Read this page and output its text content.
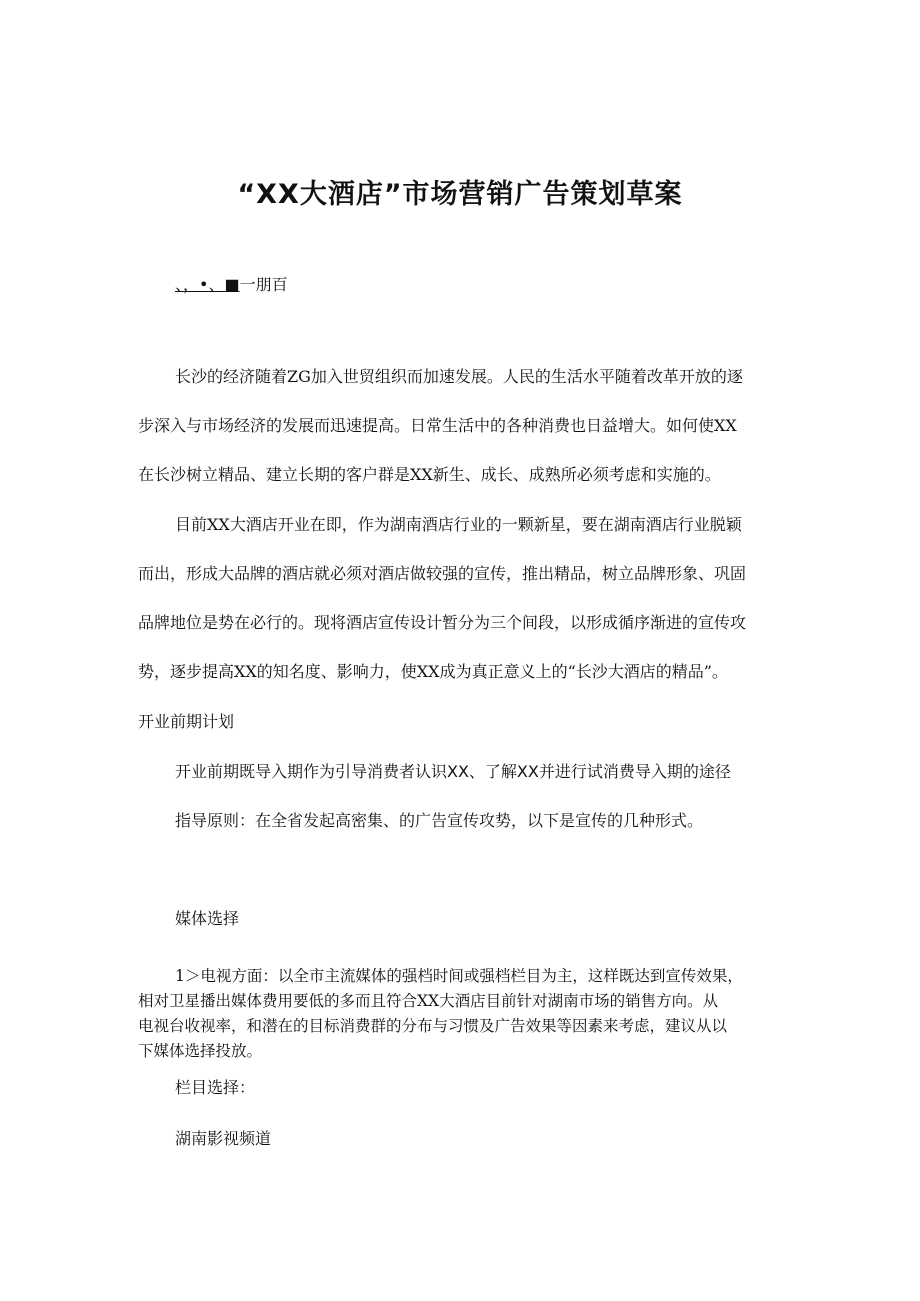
“XX大酒店”市场营销广告策划草案
、，•、■一朋百

长沙的经济随着ZG加入世贸组织而加速发展。人民的生活水平随着改革开放的逐

步深入与市场经济的发展而迅速提高。日常生活中的各种消费也日益增大。如何使XX

在长沙树立精品、建立长期的客户群是XX新生、成长、成熟所必须考虑和实施的。

目前XX大酒店开业在即，作为湖南酒店行业的一颗新星，要在湖南酒店行业脱颖

而出，形成大品牌的酒店就必须对酒店做较强的宣传，推出精品，树立品牌形象、巩固

品牌地位是势在必行的。现将酒店宣传设计暂分为三个间段，以形成循序渐进的宣传攻

势，逐步提高XX的知名度、影响力，使XX成为真正意义上的“长沙大酒店的精品”。

开业前期计划

开业前期既导入期作为引导消费者认识XX、了解XX并进行试消费导入期的途径

指导原则：在全省发起高密集、的广告宣传攻势，以下是宣传的几种形式。

媒体选择

1＞电视方面：以全市主流媒体的强档时间或强档栏目为主，这样既达到宣传效果，

相对卫星播出媒体费用要低的多而且符合XX大酒店目前针对湖南市场的销售方向。从

电视台收视率，和潜在的目标消费群的分布与习惯及广告效果等因素来考虑，建议从以

下媒体选择投放。

栏目选择：

湖南影视频道
